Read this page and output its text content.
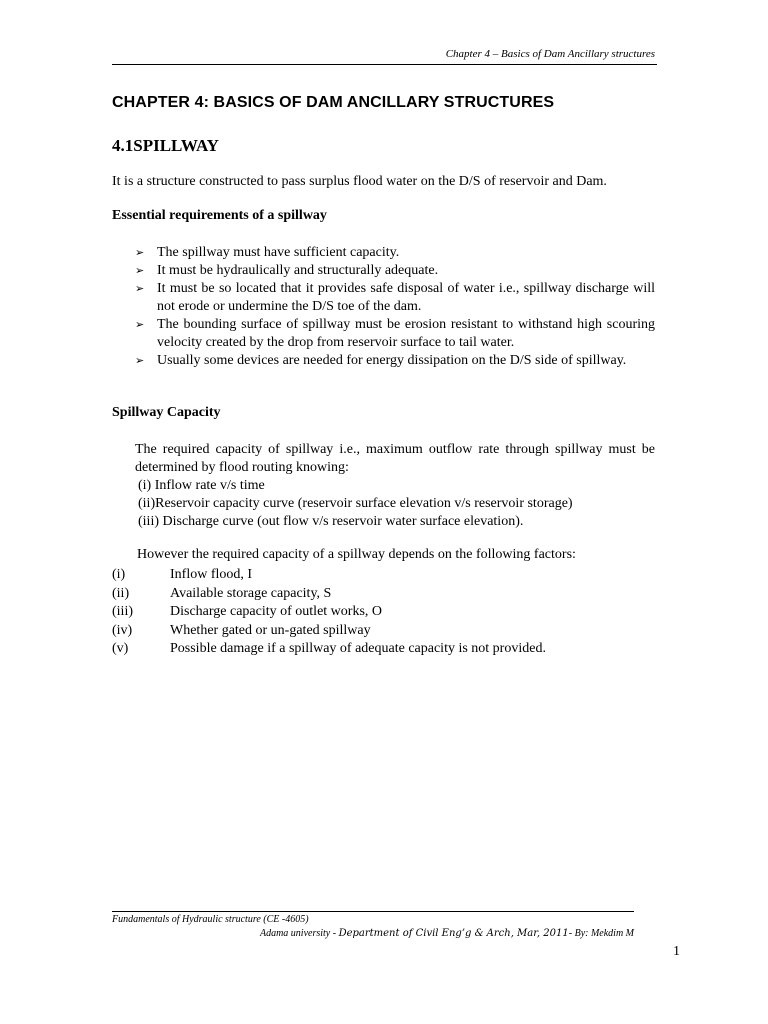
Chapter 4 – Basics of Dam Ancillary structures
CHAPTER 4: BASICS OF DAM ANCILLARY STRUCTURES
4.1SPILLWAY

It is a structure constructed to pass surplus flood water on the D/S of reservoir and Dam.

Essential requirements of a spillway

➢ The spillway must have sufficient capacity.
➢ It must be hydraulically and structurally adequate.
➢ It must be so located that it provides safe disposal of water i.e., spillway discharge will not erode or undermine the D/S toe of the dam.
➢ The bounding surface of spillway must be erosion resistant to withstand high scouring velocity created by the drop from reservoir surface to tail water.
➢ Usually some devices are needed for energy dissipation on the D/S side of spillway.

Spillway Capacity

The required capacity of spillway i.e., maximum outflow rate through spillway must be determined by flood routing knowing:

(i) Inflow rate v/s time
(ii)Reservoir capacity curve (reservoir surface elevation v/s reservoir storage)
(iii) Discharge curve (out flow v/s reservoir water surface elevation).

However the required capacity of a spillway depends on the following factors:

(i)	Inflow flood, I
(ii)	Available storage capacity, S
(iii)	Discharge capacity of outlet works, O
(iv)	Whether gated or un-gated spillway
(v)	Possible damage if a spillway of adequate capacity is not provided.
Fundamentals of Hydraulic structure (CE -4605)
Adama university - Department of Civil Eng’g & Arch, Mar, 2011- By: Mekdim M
1
